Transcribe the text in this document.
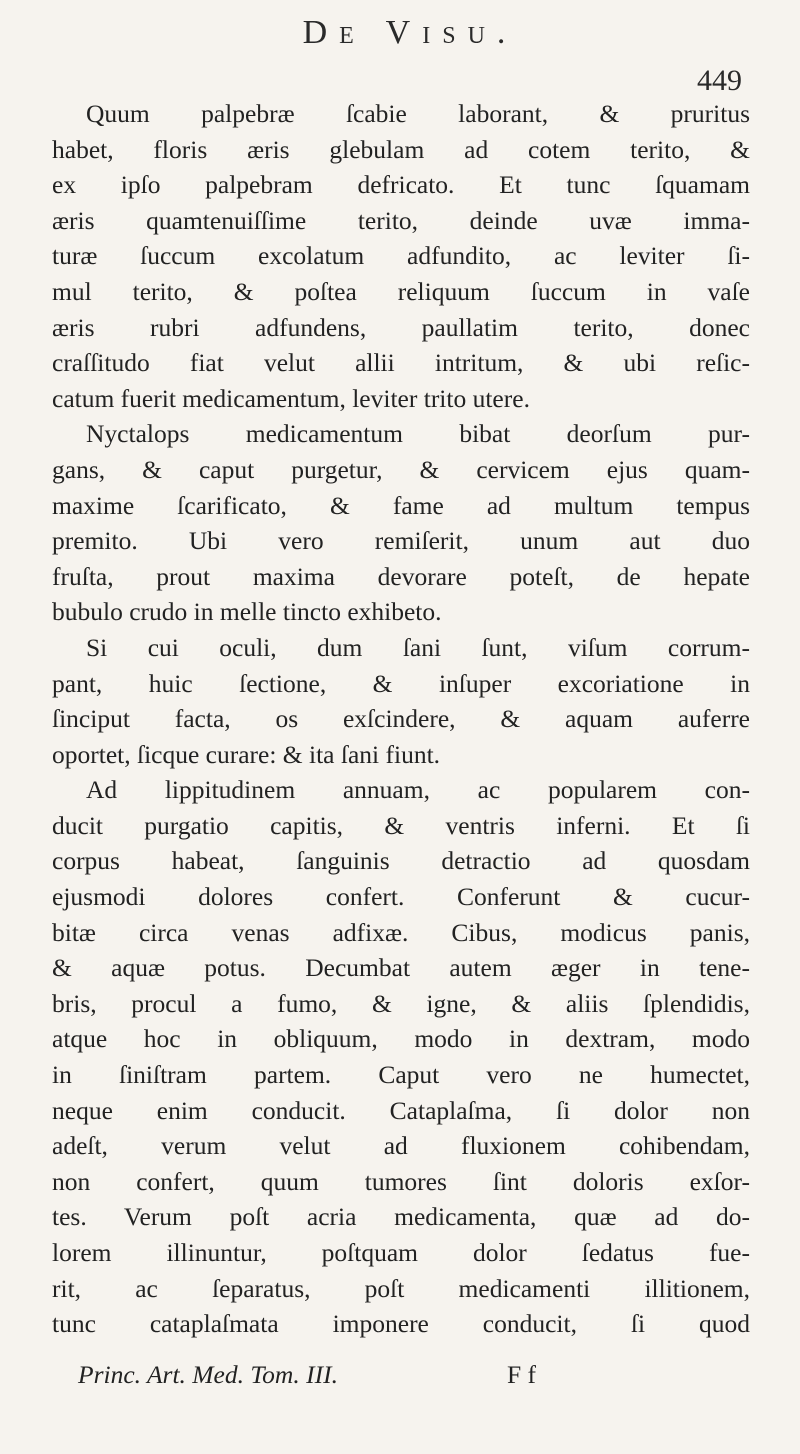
De Visu.
449
Quum palpebræ ſcabie laborant, & pruritus
habet, floris æris glebulam ad cotem terito, &
ex ipſo palpebram defricato. Et tunc ſquamam
æris quamtenuiſſime terito, deinde uvæ imma-
turæ ſuccum excolatum adfundito, ac leviter ſi-
mul terito, & poſtea reliquum ſuccum in vaſe
æris rubri adfundens, paullatim terito, donec
craſſitudo fiat velut allii intritum, & ubi reſic-
catum fuerit medicamentum, leviter trito utere.
Nyctalops medicamentum bibat deorſum pur-
gans, & caput purgetur, & cervicem ejus quam-
maxime ſcarificato, & fame ad multum tempus
premito. Ubi vero remiſerit, unum aut duo
fruſta, prout maxima devorare poteſt, de hepate
bubulo crudo in melle tincto exhibeto.
Si cui oculi, dum ſani ſunt, viſum corrum-
pant, huic ſectione, & inſuper excoriatione in
ſinciput facta, os exſcindere, & aquam auferre
oportet, ſicque curare: & ita ſani fiunt.
Ad lippitudinem annuam, ac popularem con-
ducit purgatio capitis, & ventris inferni. Et ſi
corpus habeat, ſanguinis detractio ad quosdam
ejusmodi dolores confert. Conferunt & cucur-
bitæ circa venas adfixæ. Cibus, modicus panis,
& aquæ potus. Decumbat autem æger in tene-
bris, procul a fumo, & igne, & aliis ſplendidis,
atque hoc in obliquum, modo in dextram, modo
in ſiniſtram partem. Caput vero ne humectet,
neque enim conducit. Cataplaſma, ſi dolor non
adeſt, verum velut ad fluxionem cohibendam,
non confert, quum tumores ſint doloris exſor-
tes. Verum poſt acria medicamenta, quæ ad do-
lorem illinuntur, poſtquam dolor ſedatus fue-
rit, ac ſeparatus, poſt medicamenti illitionem,
tunc cataplaſmata imponere conducit, ſi quod
Princ. Art. Med. Tom. III.	F f
